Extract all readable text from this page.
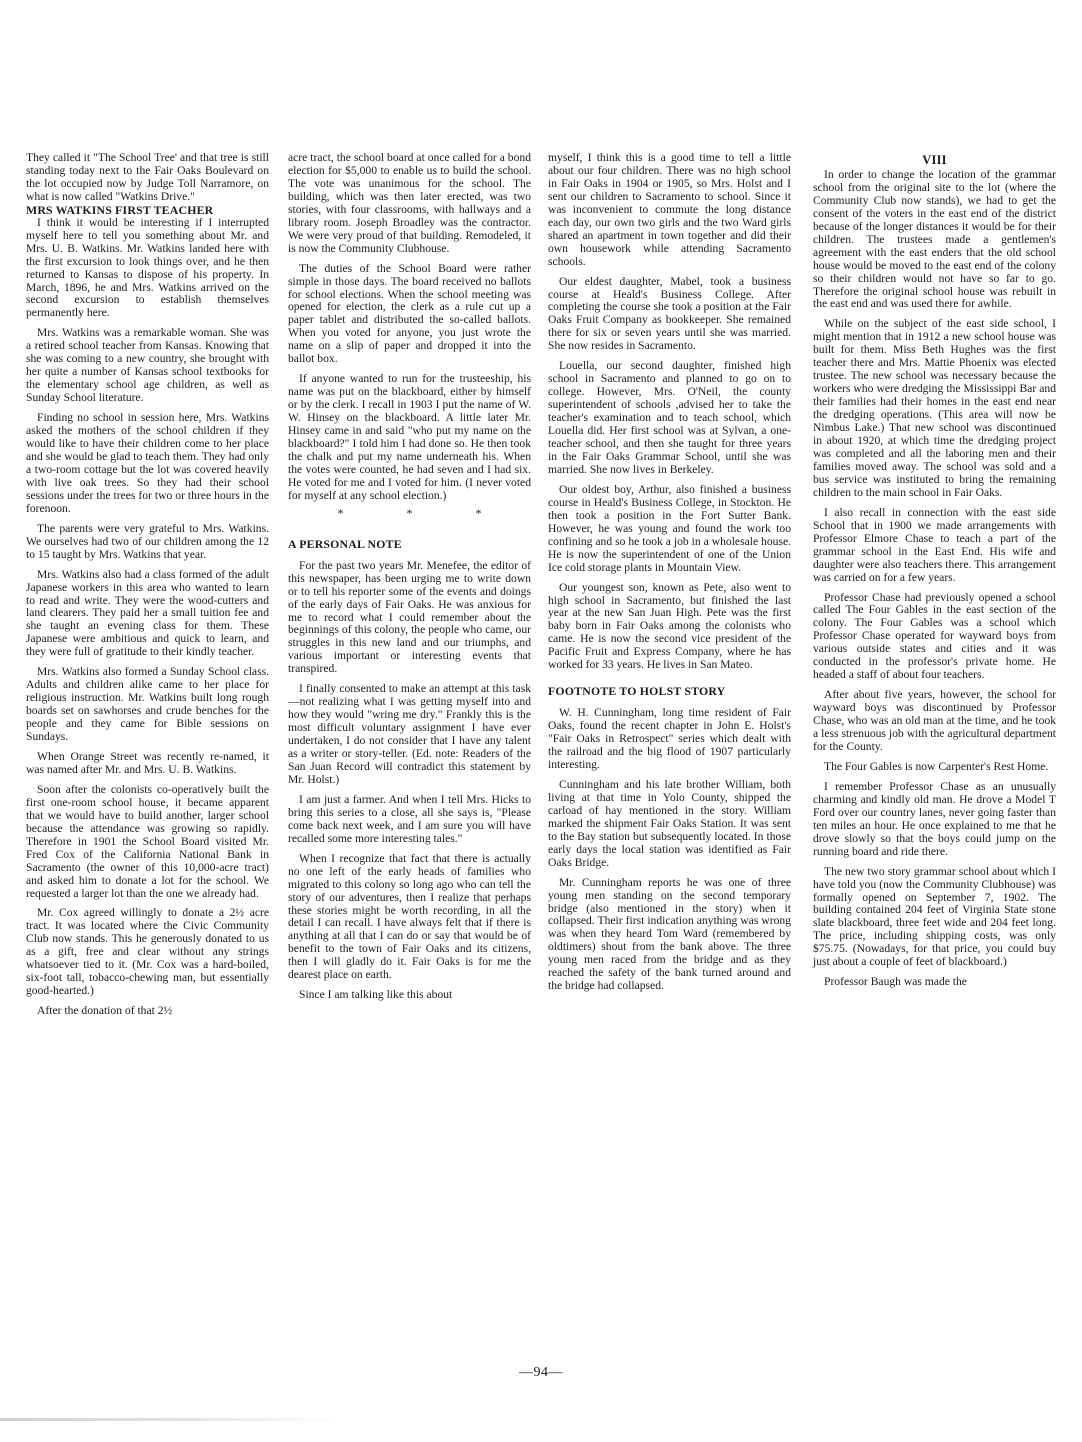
They called it "The School Tree' and that tree is still standing today next to the Fair Oaks Boulevard on the lot occupied now by Judge Toll Narramore, on what is now called "Watkins Drive."

MRS WATKINS FIRST TEACHER

I think it would be interesting if I interrupted myself here to tell you something about Mr. and Mrs. U. B. Watkins. Mr. Watkins landed here with the first excursion to look things over, and he then returned to Kansas to dispose of his property. In March, 1896, he and Mrs. Watkins arrived on the second excursion to establish themselves permanently here.

Mrs. Watkins was a remarkable woman. She was a retired school teacher from Kansas. Knowing that she was coming to a new country, she brought with her quite a number of Kansas school textbooks for the elementary school age children, as well as Sunday School literature.

Finding no school in session here, Mrs. Watkins asked the mothers of the school children if they would like to have their children come to her place and she would be glad to teach them. They had only a two-room cottage but the lot was covered heavily with live oak trees. So they had their school sessions under the trees for two or three hours in the forenoon.

The parents were very grateful to Mrs. Watkins. We ourselves had two of our children among the 12 to 15 taught by Mrs. Watkins that year.

Mrs. Watkins also had a class formed of the adult Japanese workers in this area who wanted to learn to read and write. They were the wood-cutters and land clearers. They paid her a small tuition fee and she taught an evening class for them. These Japanese were ambitious and quick to learn, and they were full of gratitude to their kindly teacher.

Mrs. Watkins also formed a Sunday School class. Adults and children alike came to her place for religious instruction. Mr. Watkins built long rough boards set on sawhorses and crude benches for the people and they came for Bible sessions on Sundays.

When Orange Street was recently re-named, it was named after Mr. and Mrs. U. B. Watkins.

Soon after the colonists co-operatively built the first one-room school house, it became apparent that we would have to build another, larger school because the attendance was growing so rapidly. Therefore in 1901 the School Board visited Mr. Fred Cox of the California National Bank in Sacramento (the owner of this 10,000-acre tract) and asked him to donate a lot for the school. We requested a larger lot than the one we already had.

Mr. Cox agreed willingly to donate a 2½ acre tract. It was located where the Civic Community Club now stands. This he generously donated to us as a gift, free and clear without any strings whatsoever tied to it. (Mr. Cox was a hard-boiled, six-foot tall, tobacco-chewing man, but essentially good-hearted.)

After the donation of that 2½

acre tract, the school board at once called for a bond election for $5,000 to enable us to build the school. The vote was unanimous for the school. The building, which was then later erected, was two stories, with four classrooms, with hallways and a library room. Joseph Broadley was the contractor. We were very proud of that building. Remodeled, it is now the Community Clubhouse.

The duties of the School Board were rather simple in those days. The board received no ballots for school elections. When the school meeting was opened for election, the clerk as a rule cut up a paper tablet and distributed the so-called ballots. When you voted for anyone, you just wrote the name on a slip of paper and dropped it into the ballot box.

If anyone wanted to run for the trusteeship, his name was put on the blackboard, either by himself or by the clerk. I recall in 1903 I put the name of W. W. Hinsey on the blackboard. A little later Mr. Hinsey came in and said "who put my name on the blackboard?" I told him I had done so. He then took the chalk and put my name underneath his. When the votes were counted, he had seven and I had six. He voted for me and I voted for him. (I never voted for myself at any school election.)

* * *
A PERSONAL NOTE

For the past two years Mr. Menefee, the editor of this newspaper, has been urging me to write down or to tell his reporter some of the events and doings of the early days of Fair Oaks. He was anxious for me to record what I could remember about the beginnings of this colony, the people who came, our struggles in this new land and our triumphs, and various important or interesting events that transpired.

I finally consented to make an attempt at this task—not realizing what I was getting myself into and how they would "wring me dry." Frankly this is the most difficult voluntary assignment I have ever undertaken, I do not consider that I have any talent as a writer or story-teller. (Ed. note: Readers of the San Juan Record will contradict this statement by Mr. Holst.)

I am just a farmer. And when I tell Mrs. Hicks to bring this series to a close, all she says is, "Please come back next week, and I am sure you will have recalled some more interesting tales."

When I recognize that fact that there is actually no one left of the early heads of families who migrated to this colony so long ago who can tell the story of our adventures, then I realize that perhaps these stories might be worth recording, in all the detail I can recall. I have always felt that if there is anything at all that I can do or say that would be of benefit to the town of Fair Oaks and its citizens, then I will gladly do it. Fair Oaks is for me the dearest place on earth.

Since I am talking like this about

myself, I think this is a good time to tell a little about our four children. There was no high school in Fair Oaks in 1904 or 1905, so Mrs. Holst and I sent our children to Sacramento to school. Since it was inconvenient to commute the long distance each day, our own two girls and the two Ward girls shared an apartment in town together and did their own housework while attending Sacramento schools.

Our eldest daughter, Mabel, took a business course at Heald's Business College. After completing the course she took a position at the Fair Oaks Fruit Company as bookkeeper. She remained there for six or seven years until she was married. She now resides in Sacramento.

Louella, our second daughter, finished high school in Sacramento and planned to go on to college. However, Mrs. O'Neil, the county superintendent of schools ,advised her to take the teacher's examination and to teach school, which Louella did. Her first school was at Sylvan, a one-teacher school, and then she taught for three years in the Fair Oaks Grammar School, until she was married. She now lives in Berkeley.

Our oldest boy, Arthur, also finished a business course in Heald's Business College, in Stockton. He then took a position in the Fort Sutter Bank. However, he was young and found the work too confining and so he took a job in a wholesale house. He is now the superintendent of one of the Union Ice cold storage plants in Mountain View.

Our youngest son, known as Pete, also went to high school in Sacramento, but finished the last year at the new San Juan High. Pete was the first baby born in Fair Oaks among the colonists who came. He is now the second vice president of the Pacific Fruit and Express Company, where he has worked for 33 years. He lives in San Mateo.

FOOTNOTE TO HOLST STORY

W. H. Cunningham, long time resident of Fair Oaks, found the recent chapter in John E. Holst's "Fair Oaks in Retrospect" series which dealt with the railroad and the big flood of 1907 particularly interesting.

Cunningham and his late brother William, both living at that time in Yolo County, shipped the carload of hay mentioned in the story. William marked the shipment Fair Oaks Station. It was sent to the Bay station but subsequently located. In those early days the local station was identified as Fair Oaks Bridge.

Mr. Cunningham reports he was one of three young men standing on the second temporary bridge (also mentioned in the story) when it collapsed. Their first indication anything was wrong was when they heard Tom Ward (remembered by oldtimers) shout from the bank above. The three young men raced from the bridge and as they reached the safety of the bank turned around and the bridge had collapsed.

VIII

In order to change the location of the grammar school from the original site to the lot (where the Community Club now stands), we had to get the consent of the voters in the east end of the district because of the longer distances it would be for their children. The trustees made a gentlemen's agreement with the east enders that the old school house would be moved to the east end of the colony so their children would not have so far to go. Therefore the original school house was rebuilt in the east end and was used there for awhile.

While on the subject of the east side school, I might mention that in 1912 a new school house was built for them. Miss Beth Hughes was the first teacher there and Mrs. Mattie Phoenix was elected trustee. The new school was necessary because the workers who were dredging the Mississippi Bar and their families had their homes in the east end near the dredging operations. (This area will now be Nimbus Lake.) That new school was discontinued in about 1920, at which time the dredging project was completed and all the laboring men and their families moved away. The school was sold and a bus service was instituted to bring the remaining children to the main school in Fair Oaks.

I also recall in connection with the east side School that in 1900 we made arrangements with Professor Elmore Chase to teach a part of the grammar school in the East End. His wife and daughter were also teachers there. This arrangement was carried on for a few years.

Professor Chase had previously opened a school called The Four Gables in the east section of the colony. The Four Gables was a school which Professor Chase operated for wayward boys from various outside states and cities and it was conducted in the professor's private home. He headed a staff of about four teachers.

After about five years, however, the school for wayward boys was discontinued by Professor Chase, who was an old man at the time, and he took a less strenuous job with the agricultural department for the County.

The Four Gables is now Carpenter's Rest Home.

I remember Professor Chase as an unusually charming and kindly old man. He drove a Model T Ford over our country lanes, never going faster than ten miles an hour. He once explained to me that he drove slowly so that the boys could jump on the running board and ride there.

The new two story grammar school about which I have told you (now the Community Clubhouse) was formally opened on September 7, 1902. The building contained 204 feet of Virginia State stone slate blackboard, three feet wide and 204 feet long. The price, including shipping costs, was only $75.75. (Nowadays, for that price, you could buy just about a couple of feet of blackboard.)

Professor Baugh was made the

—94—
